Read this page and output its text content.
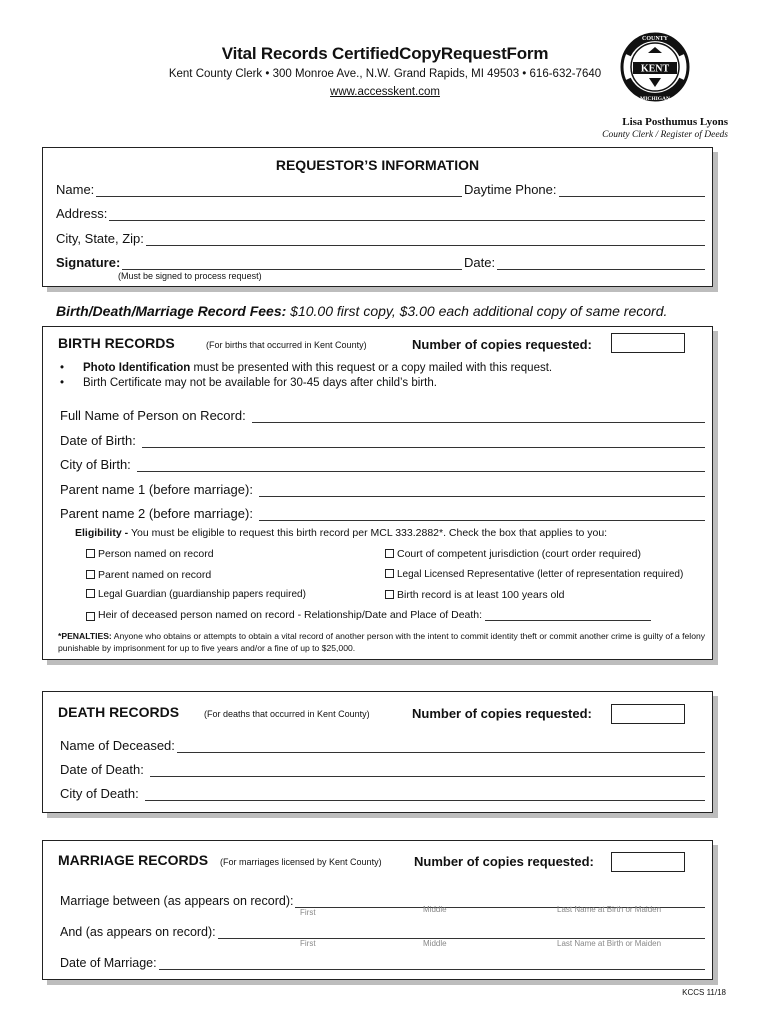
Vital Records CertifiedCopyRequestForm
Kent County Clerk • 300 Monroe Ave., N.W. Grand Rapids, MI 49503 • 616-632-7640
www.accesskent.com
KENT
COUNTY
MICHIGAN
Lisa Posthumus Lyons
County Clerk / Register of Deeds
REQUESTOR’S INFORMATION
Name:	Daytime Phone:
Address:
City, State, Zip:
Signature:
(Must be signed to process request)
Date:
Birth/Death/Marriage Record Fees: $10.00 first copy, $3.00 each additional copy of same record.
BIRTH RECORDS	(For births that occurred in Kent County)	Number of copies requested:
• Photo Identification must be presented with this request or a copy mailed with this request.
• Birth Certificate may not be available for 30-45 days after child’s birth.
Full Name of Person on Record:
Date of Birth:
City of Birth:
Parent name 1 (before marriage):
Parent name 2 (before marriage):
Eligibility - You must be eligible to request this birth record per MCL 333.2882*. Check the box that applies to you:
Person named on record	Court of competent jurisdiction (court order required)
Parent named on record	Legal Licensed Representative (letter of representation required)
Legal Guardian (guardianship papers required)	Birth record is at least 100 years old
Heir of deceased person named on record - Relationship/Date and Place of Death:
*PENALTIES: Anyone who obtains or attempts to obtain a vital record of another person with the intent to commit identity theft or commit another crime is guilty of a felony punishable by imprisonment for up to five years and/or a fine of up to $25,000.
DEATH RECORDS	(For deaths that occurred in Kent County)	Number of copies requested:
Name of Deceased:
Date of Death:
City of Death:
MARRIAGE RECORDS (For marriages licensed by Kent County) Number of copies requested:
Marriage between (as appears on record):
First	Middle	Last Name at Birth or Maiden
And (as appears on record):
First	Middle	Last Name at Birth or Maiden
Date of Marriage:
KCCS 11/18
